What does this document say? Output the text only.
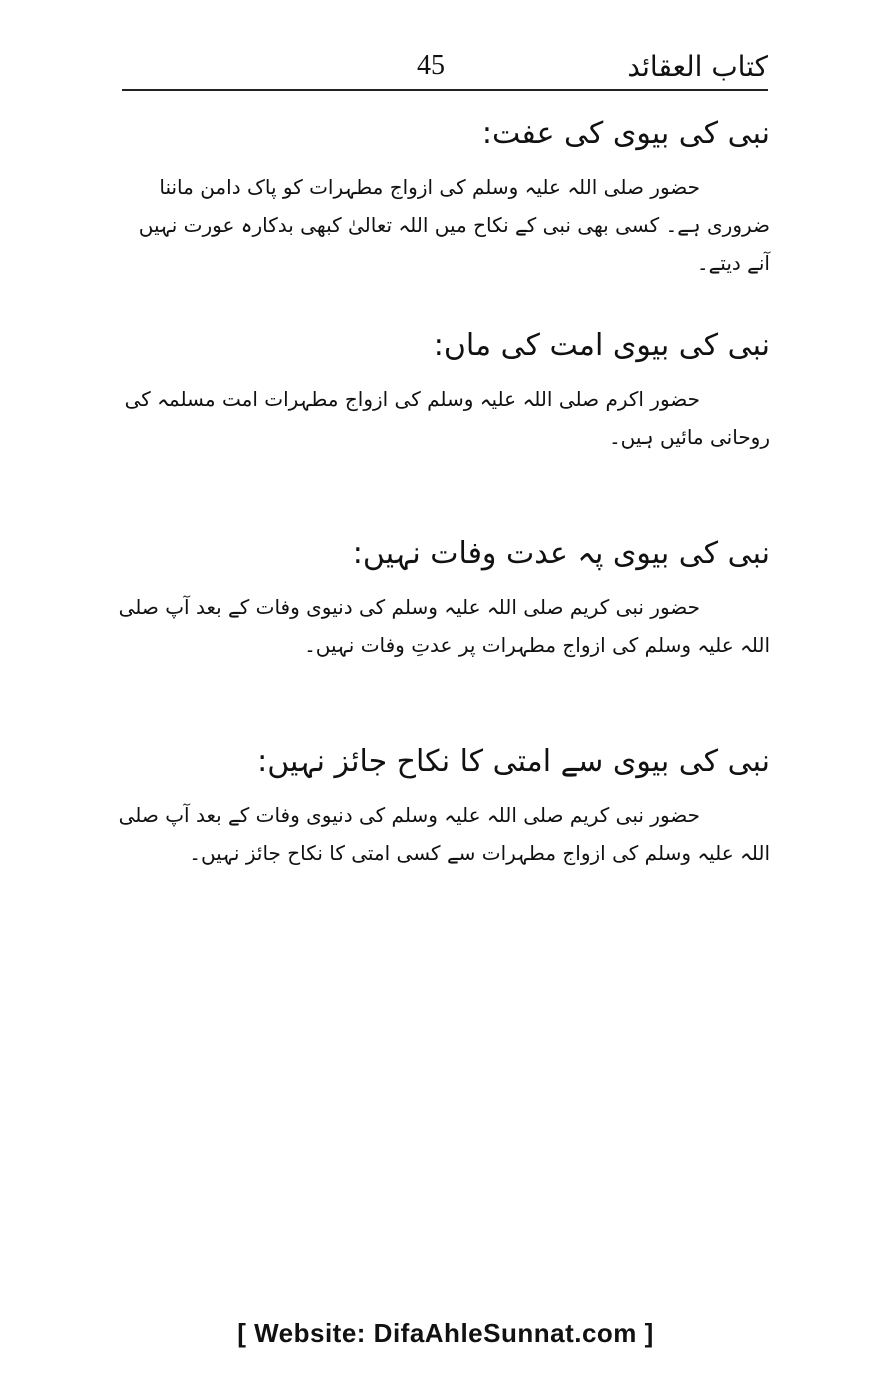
45	کتاب العقائد
نبی کی بیوی کی عفت:

حضور صلی اللہ علیہ وسلم کی ازواج مطہرات کو پاک دامن ماننا ضروری ہے۔ کسی بھی نبی کے نکاح میں اللہ تعالیٰ کبھی بدکارہ عورت نہیں آنے دیتے۔

نبی کی بیوی امت کی ماں:

حضور اکرم صلی اللہ علیہ وسلم کی ازواج مطہرات امت مسلمہ کی روحانی مائیں ہیں۔

نبی کی بیوی پہ عدت وفات نہیں:

حضور نبی کریم صلی اللہ علیہ وسلم کی دنیوی وفات کے بعد آپ صلی اللہ علیہ وسلم کی ازواج مطہرات پر عدتِ وفات نہیں۔

نبی کی بیوی سے امتی کا نکاح جائز نہیں:

حضور نبی کریم صلی اللہ علیہ وسلم کی دنیوی وفات کے بعد آپ صلی اللہ علیہ وسلم کی ازواج مطہرات سے کسی امتی کا نکاح جائز نہیں۔

[ Website: DifaAhleSunnat.com ]
